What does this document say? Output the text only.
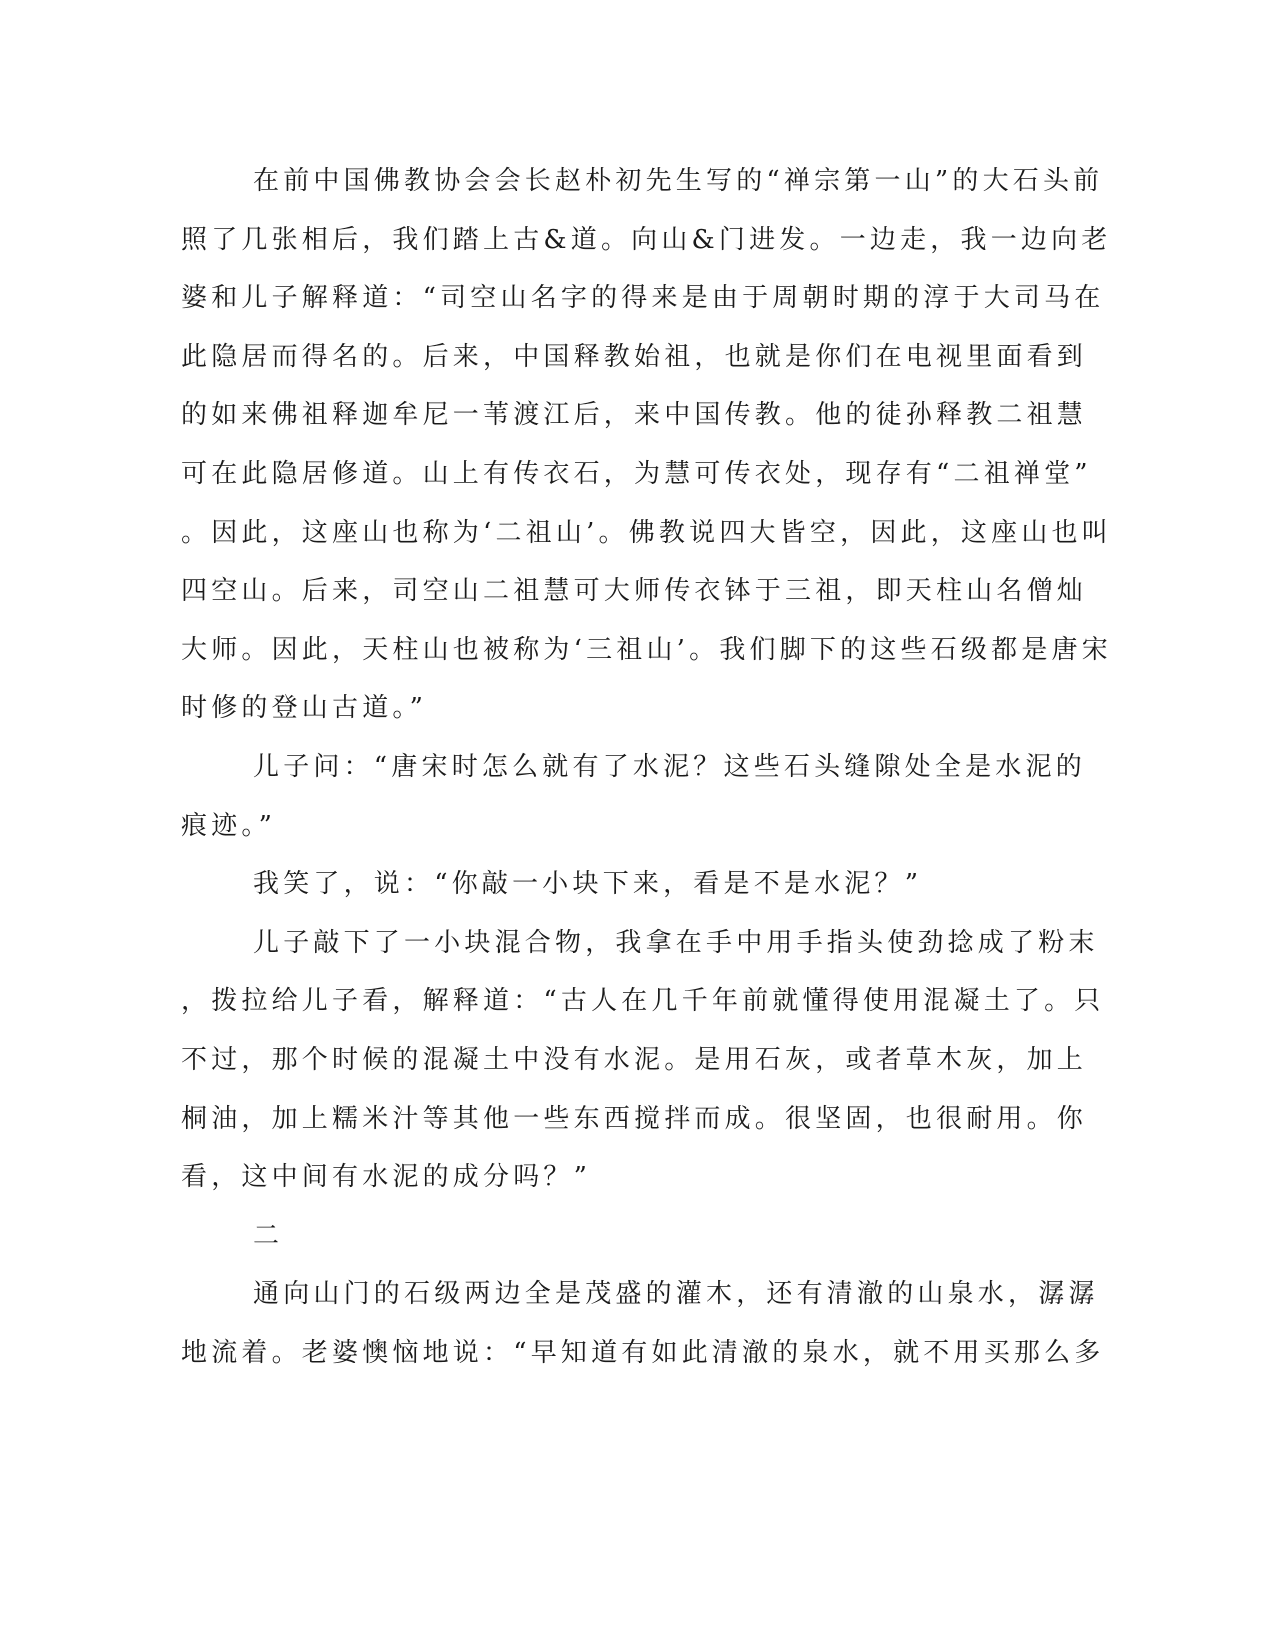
在前中国佛教协会会长赵朴初先生写的“禅宗第一山”的大石头前
照了几张相后，我们踏上古&道。向山&门进发。一边走，我一边向老
婆和儿子解释道：“司空山名字的得来是由于周朝时期的淳于大司马在
此隐居而得名的。后来，中国释教始祖，也就是你们在电视里面看到
的如来佛祖释迦牟尼一苇渡江后，来中国传教。他的徒孙释教二祖慧
可在此隐居修道。山上有传衣石，为慧可传衣处，现存有“二祖禅堂”
。因此，这座山也称为‘二祖山’。佛教说四大皆空，因此，这座山也叫
四空山。后来，司空山二祖慧可大师传衣钵于三祖，即天柱山名僧灿
大师。因此，天柱山也被称为‘三祖山’。我们脚下的这些石级都是唐宋
时修的登山古道。”
儿子问：“唐宋时怎么就有了水泥？这些石头缝隙处全是水泥的
痕迹。”
我笑了，说：“你敲一小块下来，看是不是水泥？”
儿子敲下了一小块混合物，我拿在手中用手指头使劲捻成了粉末
，拨拉给儿子看，解释道：“古人在几千年前就懂得使用混凝土了。只
不过，那个时候的混凝土中没有水泥。是用石灰，或者草木灰，加上
桐油，加上糯米汁等其他一些东西搅拌而成。很坚固，也很耐用。你
看，这中间有水泥的成分吗？”
二
通向山门的石级两边全是茂盛的灌木，还有清澈的山泉水，潺潺
地流着。老婆懊恼地说：“早知道有如此清澈的泉水，就不用买那么多
